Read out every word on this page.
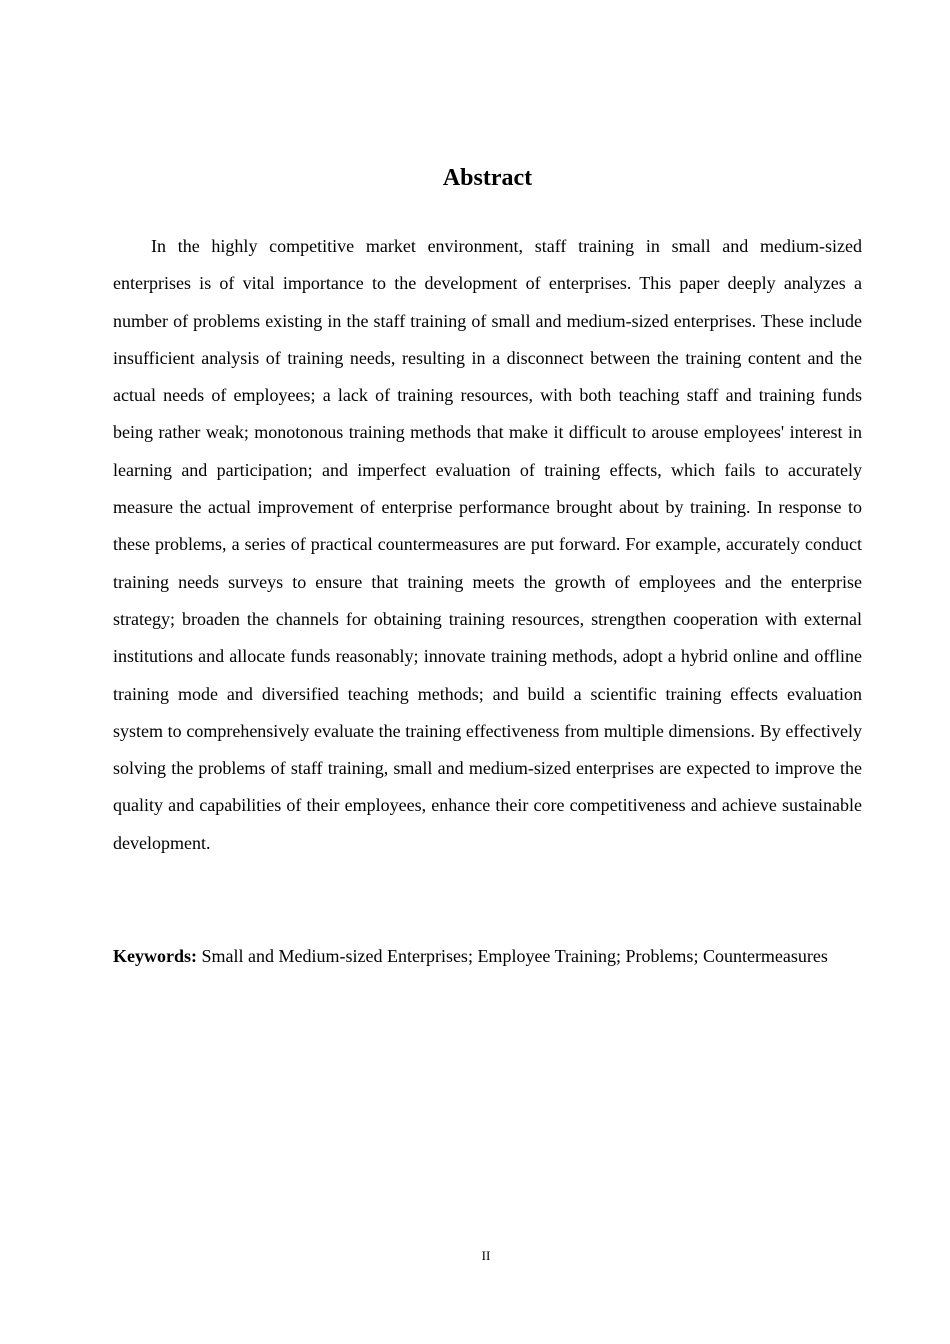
Abstract

In the highly competitive market environment, staff training in small and medium-sized enterprises is of vital importance to the development of enterprises. This paper deeply analyzes a number of problems existing in the staff training of small and medium-sized enterprises. These include insufficient analysis of training needs, resulting in a disconnect between the training content and the actual needs of employees; a lack of training resources, with both teaching staff and training funds being rather weak; monotonous training methods that make it difficult to arouse employees' interest in learning and participation; and imperfect evaluation of training effects, which fails to accurately measure the actual improvement of enterprise performance brought about by training. In response to these problems, a series of practical countermeasures are put forward. For example, accurately conduct training needs surveys to ensure that training meets the growth of employees and the enterprise strategy; broaden the channels for obtaining training resources, strengthen cooperation with external institutions and allocate funds reasonably; innovate training methods, adopt a hybrid online and offline training mode and diversified teaching methods; and build a scientific training effects evaluation system to comprehensively evaluate the training effectiveness from multiple dimensions. By effectively solving the problems of staff training, small and medium-sized enterprises are expected to improve the quality and capabilities of their employees, enhance their core competitiveness and achieve sustainable development.

Keywords: Small and Medium-sized Enterprises; Employee Training; Problems; Countermeasures

II
